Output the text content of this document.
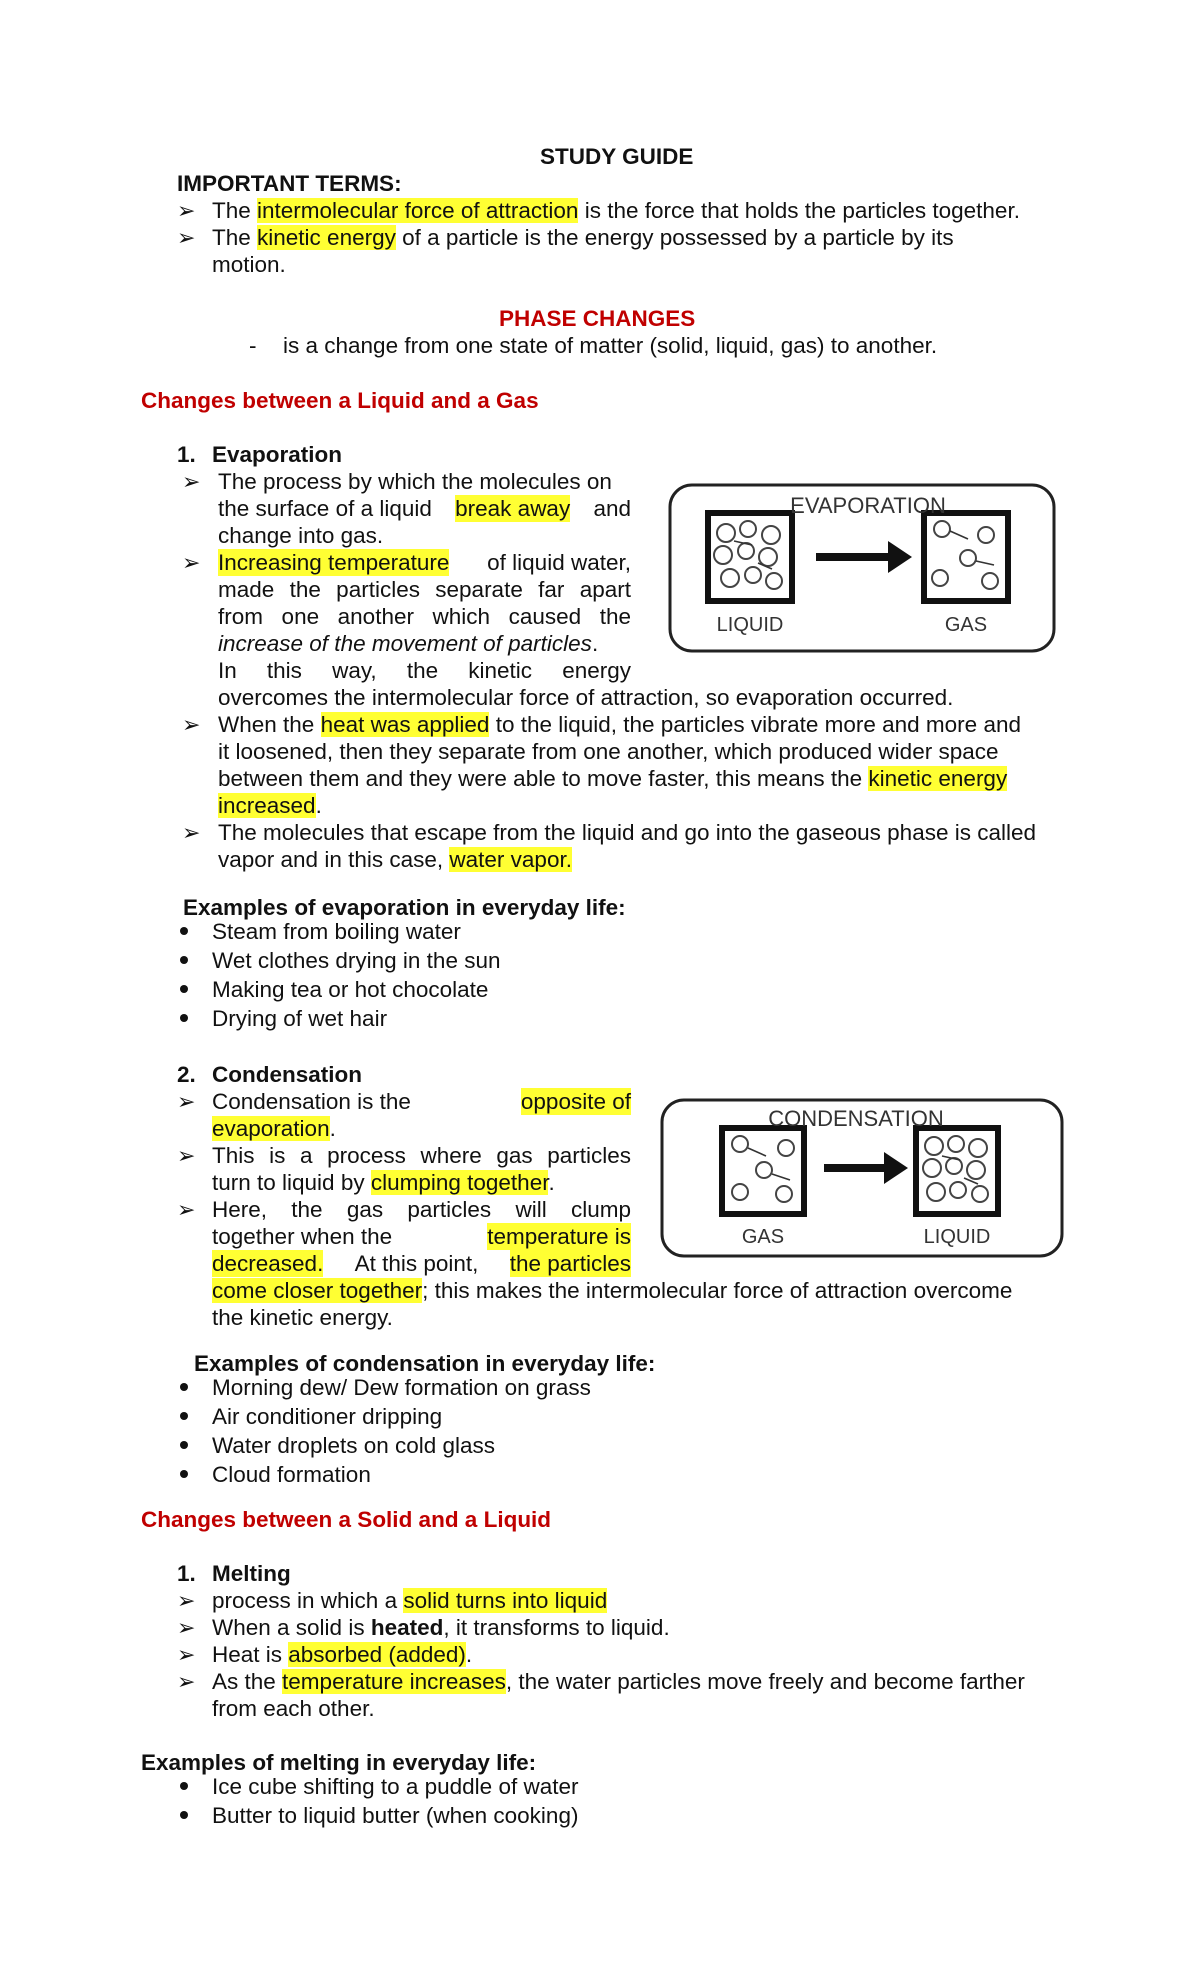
STUDY GUIDE
IMPORTANT TERMS:
➢ The intermolecular force of attraction is the force that holds the particles together.
➢ The kinetic energy of a particle is the energy possessed by a particle by its
motion.
PHASE CHANGES
- is a change from one state of matter (solid, liquid, gas) to another.
Changes between a Liquid and a Gas
1. Evaporation
➢ The process by which the molecules on
the surface of a liquid break away and
change into gas.
➢ Increasing temperature of liquid water,
made the particles separate far apart
from one another which caused the
increase of the movement of particles.
In this way, the kinetic energy
overcomes the intermolecular force of attraction, so evaporation occurred.
➢ When the heat was applied to the liquid, the particles vibrate more and more and
it loosened, then they separate from one another, which produced wider space
between them and they were able to move faster, this means the kinetic energy
increased.
➢ The molecules that escape from the liquid and go into the gaseous phase is called
vapor and in this case, water vapor.
EVAPORATION
LIQUID	GAS
Examples of evaporation in everyday life:
Steam from boiling water
Wet clothes drying in the sun
Making tea or hot chocolate
Drying of wet hair
2. Condensation
➢ Condensation is the	opposite of
evaporation.
➢ This is a process where gas particles
turn to liquid by clumping together.
➢ Here, the gas particles will clump
together when the	temperature is
decreased. At this point, the particles
come closer together; this makes the intermolecular force of attraction overcome
the kinetic energy.
CONDENSATION
GAS	LIQUID
Examples of condensation in everyday life:
Morning dew/ Dew formation on grass
Air conditioner dripping
Water droplets on cold glass
Cloud formation
Changes between a Solid and a Liquid
1. Melting
➢ process in which a solid turns into liquid
➢ When a solid is heated, it transforms to liquid.
➢ Heat is absorbed (added).
➢ As the temperature increases, the water particles move freely and become farther
from each other.
Examples of melting in everyday life:
Ice cube shifting to a puddle of water
Butter to liquid butter (when cooking)
